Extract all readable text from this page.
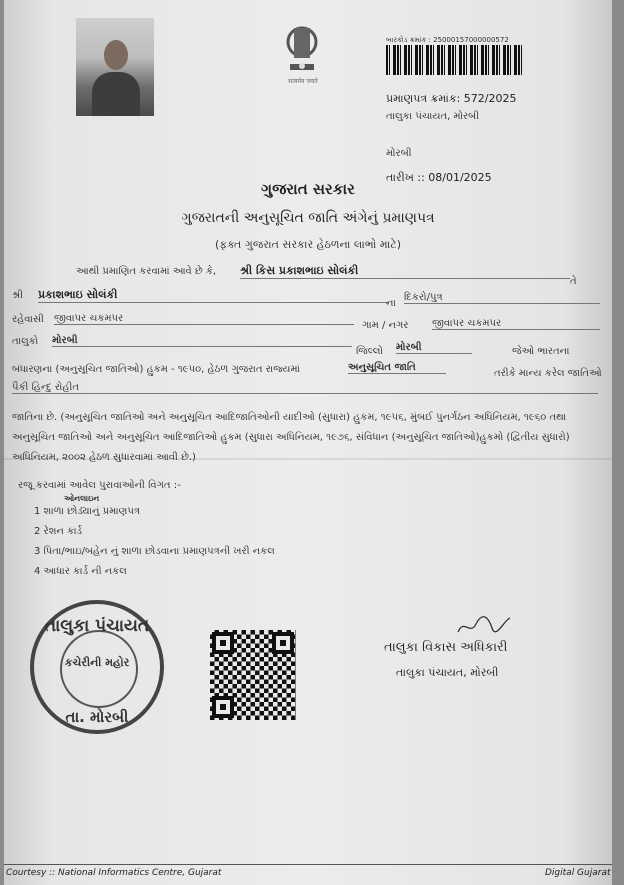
सत्यमेव जयते
બારકોડ ક્રમાંક : 25000157000000572
પ્રમાણપત્ર ક્રમાંક: 572/2025
તાલુકા પંચાયત, મોરબી
મોરબી
તારીખ :: 08/01/2025
ગુજરાત સરકાર
ગુજરાતની અનુસૂચિત જાતિ અંગેનું પ્રમાણપત્ર
(ફક્ત ગુજરાત સરકાર હેઠળના લાભો માટે)
આથી પ્રમાણિત કરવામાં આવે છે કે, શ્રી કિસ પ્રકાશભાઇ સોલંકી
તે
શ્રી પ્રકાશભાઇ સોલંકી
ના
દિકરો/પુત્ર
રહેવાસી જીવાપર ચકમપર
ગામ / નગર જીવાપર ચકમપર
તાલુકો મોરબી
જિલ્લો મોરબી	જેઓ ભારતના
બંધારણના (અનુસૂચિત જાતિઓ) હુકમ - ૧૯૫૦, હેઠળ ગુજરાત રાજ્યમાં	અનુસૂચિત જાતિ
તરીકે માન્ય કરેલ જાતિઓ
પૈકી હિન્દુ રોહીત
જાતિના છે. (અનુસૂચિત જાતિઓ અને અનુસૂચિત આદિજાતિઓની યાદીઓ (સુધારા) હુકમ, ૧૯૫૬, મુંબઈ પુનર્ગઠન અધિનિયમ, ૧૯૬૦ તથા અનુસૂચિત જાતિઓ અને અનુસૂચિત આદિજાતિઓ હુકમ (સુધારા અધિનિયમ, ૧૯૭૬, સંવિધાન (અનુસૂચિત જાતિઓ)હુકમો (દ્વિતીય સુધારો) અધિનિયમ, ૨૦૦૨ હેઠળ સુધારવામાં આવી છે.)
રજૂ કરવામાં આવેલ પુરાવાઓની વિગત :-
ઓનલાઇન
1 શાળા છોડ્યાનું પ્રમાણપત્ર
2 રેશન કાર્ડ
3 પિતા/ભાઇ/બહેન નું શાળા છોડવાના પ્રમાણપત્રની ખરી નકલ
4 આધાર કાર્ડ ની નકલ
તાલુકા પંચાયત
કચેરીની મહોર
તા. મોરબી
તાલુકા વિકાસ અધિકારી
તાલુકા પંચાયત, મોરબી
Courtesy :: National Informatics Centre, Gujarat	Digital Gujarat
